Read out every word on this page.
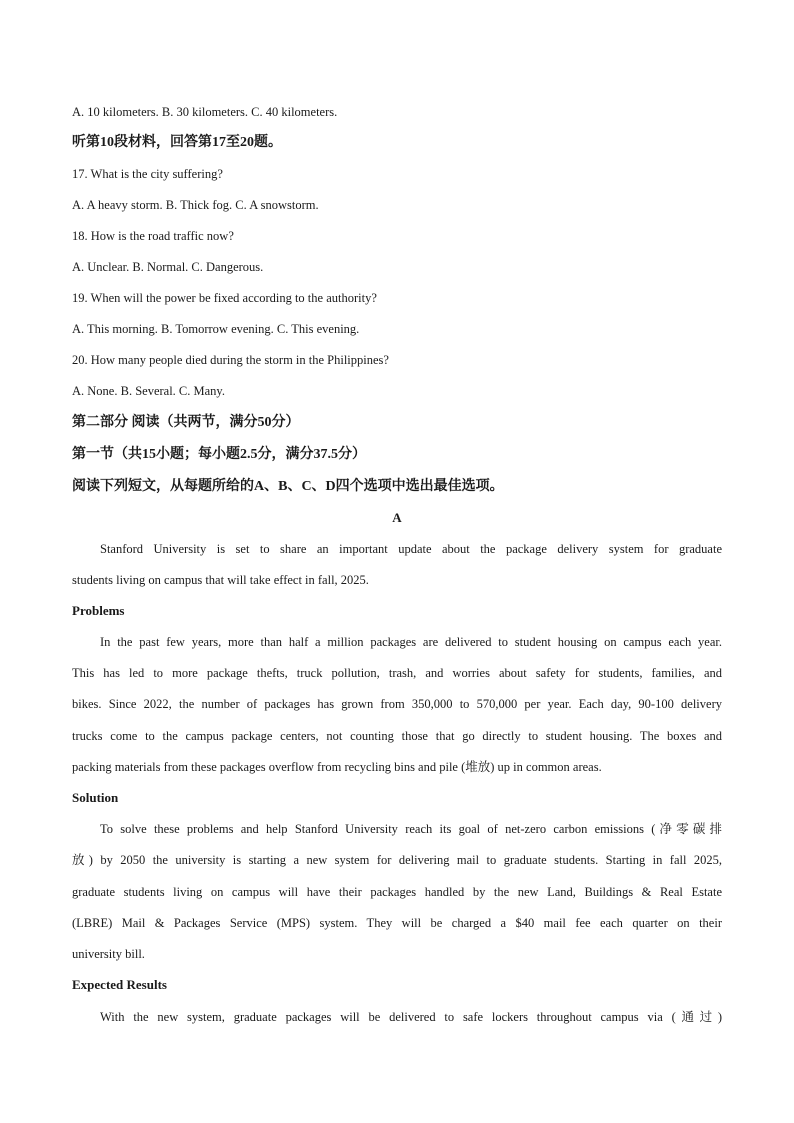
A. 10 kilometers. B. 30 kilometers. C. 40 kilometers.
听第10段材料，回答第17至20题。
17. What is the city suffering?
A. A heavy storm. B. Thick fog. C. A snowstorm.
18. How is the road traffic now?
A. Unclear. B. Normal. C. Dangerous.
19. When will the power be fixed according to the authority?
A. This morning. B. Tomorrow evening. C. This evening.
20. How many people died during the storm in the Philippines?
A. None. B. Several. C. Many.
第二部分 阅读（共两节，满分50分）
第一节（共15小题；每小题2.5分，满分37.5分）
阅读下列短文，从每题所给的A、B、C、D四个选项中选出最佳选项。
A
Stanford University is set to share an important update about the package delivery system for graduate
students living on campus that will take effect in fall, 2025.
Problems
In the past few years, more than half a million packages are delivered to student housing on campus each year.
This has led to more package thefts, truck pollution, trash, and worries about safety for students, families, and
bikes. Since 2022, the number of packages has grown from 350,000 to 570,000 per year. Each day, 90-100 delivery
trucks come to the campus package centers, not counting those that go directly to student housing. The boxes and
packing materials from these packages overflow from recycling bins and pile (堆放) up in common areas.
Solution
To solve these problems and help Stanford University reach its goal of net-zero carbon emissions (净零碳排
放) by 2050 the university is starting a new system for delivering mail to graduate students. Starting in fall 2025,
graduate students living on campus will have their packages handled by the new Land, Buildings & Real Estate
(LBRE) Mail & Packages Service (MPS) system. They will be charged a $40 mail fee each quarter on their
university bill.
Expected Results
With the new system, graduate packages will be delivered to safe lockers throughout campus via (通过)
